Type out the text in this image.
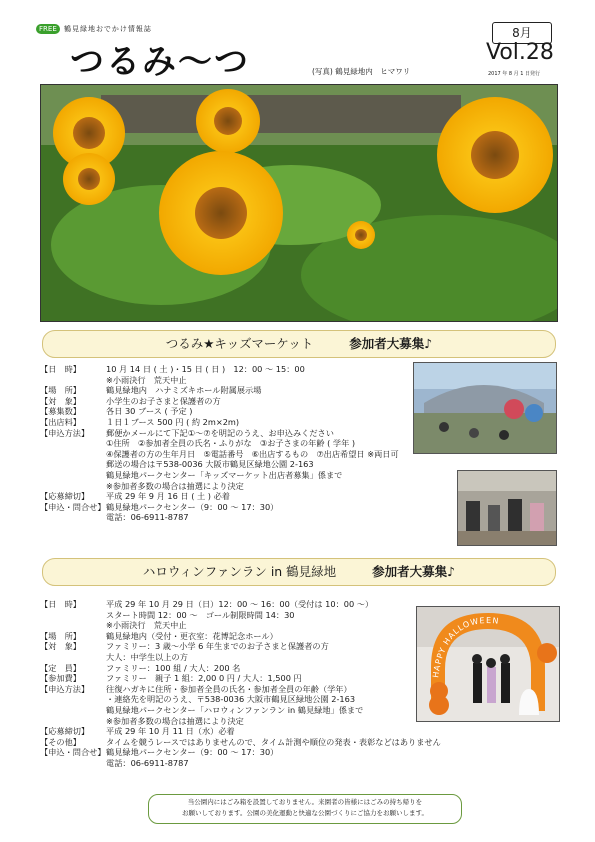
FREE	鶴見緑地おでかけ情報誌
つるみ～つ	(写真) 鶴見緑地内　ヒマワリ
8月
Vol.28
2017 年 8 月 1 日発行
つるみ★キッズマーケット	参加者大募集♪
【日　時】	10 月 14 日 ( 土 )・15 日 ( 日 )　12：00 ～ 15：00
※小雨決行　荒天中止
【場　所】	鶴見緑地内　ハナミズキホール附属展示場
【対　象】	小学生のお子さまと保護者の方
【募集数】	各日 30 ブース ( 予定 )
【出店料】	１日１ブース 500 円 ( 約 2m×2m)
【申込方法】	郵便かメールにて下記①～⑦を明記のうえ、お申込みください
①住所　②参加者全員の氏名・ふりがな　③お子さまの年齢 ( 学年 )
④保護者の方の生年月日　⑤電話番号　⑥出店するもの　⑦出店希望日 ※両日可
郵送の場合は〒538-0036 大阪市鶴見区緑地公園 2-163
鶴見緑地パークセンター「キッズマーケット出店者募集」係まで
※参加者多数の場合は抽選により決定
【応募締切】	平成 29 年 9 月 16 日 ( 土 ) 必着
【申込・問合せ】 鶴見緑地パークセンター（9：00 ～ 17：30）
電話：06-6911-8787
ハロウィンファンラン in 鶴見緑地	参加者大募集♪
【日　時】	平成 29 年 10 月 29 日（日）12：00 ～ 16：00（受付は 10：00 ～）
スタート時間 12：00 ～　ゴール制限時間 14：30
※小雨決行　荒天中止
【場　所】	鶴見緑地内（受付・更衣室：花博記念ホール）
【対　象】	ファミリー：3 歳～小学 6 年生までのお子さまと保護者の方
大人：中学生以上の方
【定　員】	ファミリー：100 組 / 大人：200 名
【参加費】	ファミリー　親子 1 組：2,00 0 円 / 大人：1,500 円
【申込方法】	往復ハガキに住所・参加者全員の氏名・参加者全員の年齢（学年）
・連絡先を明記のうえ、〒538-0036 大阪市鶴見区緑地公園 2-163
鶴見緑地パークセンター「ハロウィンファンラン in 鶴見緑地」係まで
※参加者多数の場合は抽選により決定
【応募締切】	平成 29 年 10 月 11 日（水）必着
【その他】	タイムを競うレースではありませんので、タイム計測や順位の発表・表彰などはありません
【申込・問合せ】 鶴見緑地パークセンター（9：00 ～ 17：30）
電話：06-6911-8787
HAPPY HALLOWEEN
当公園内にはごみ箱を設置しておりません。来園者の皆様にはごみの持ち帰りを
お願いしております。公園の美化運動と快適な公園づくりにご協力をお願いします。
